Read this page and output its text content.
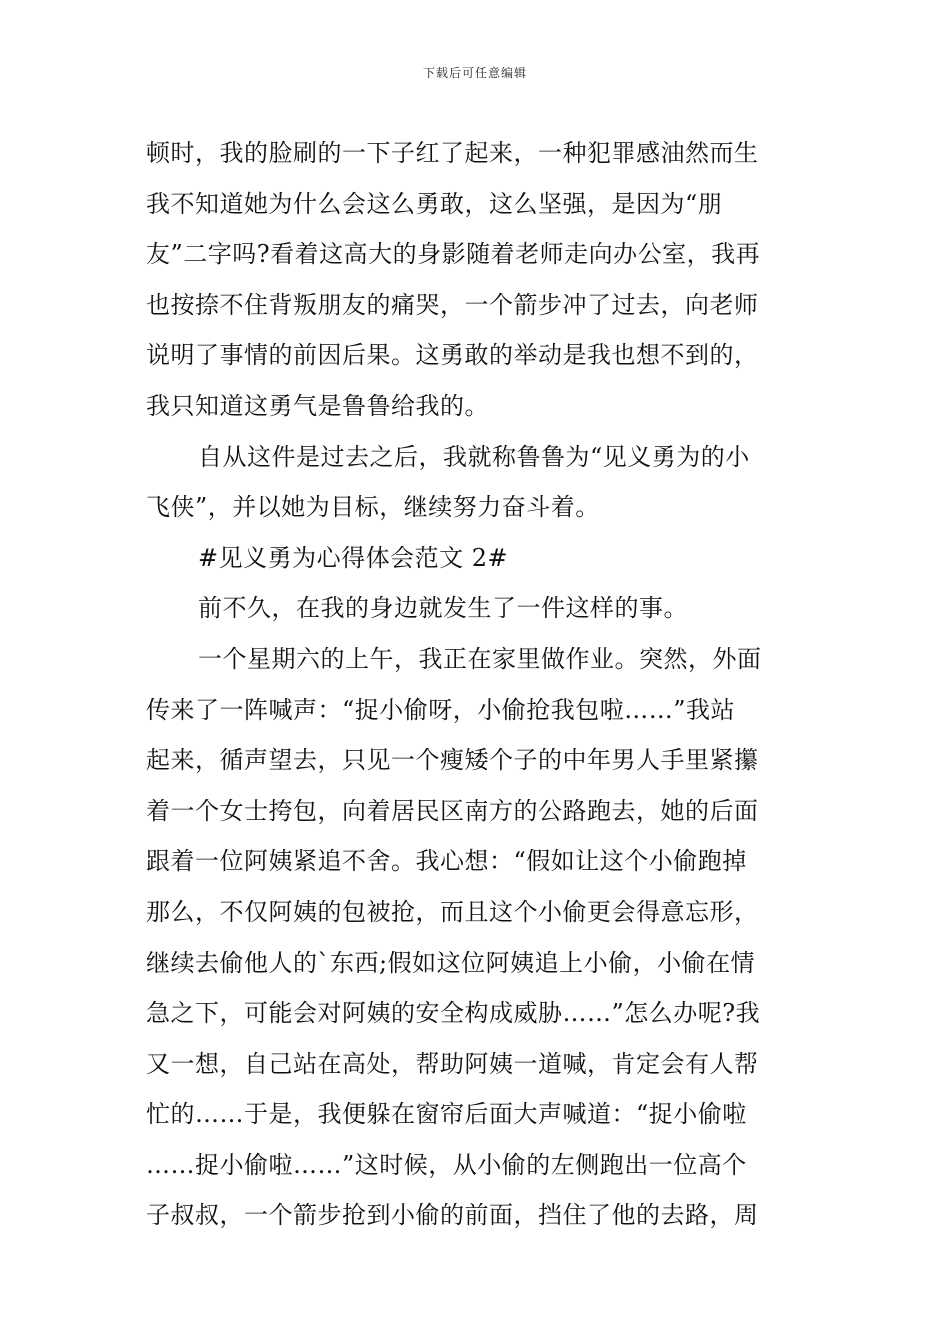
下载后可任意编辑
顿时，我的脸刷的一下子红了起来，一种犯罪感油然而生
我不知道她为什么会这么勇敢，这么坚强，是因为“朋
友”二字吗?看着这高大的身影随着老师走向办公室，我再
也按捺不住背叛朋友的痛哭，一个箭步冲了过去，向老师
说明了事情的前因后果。这勇敢的举动是我也想不到的，
我只知道这勇气是鲁鲁给我的。
自从这件是过去之后，我就称鲁鲁为“见义勇为的小
飞侠”，并以她为目标，继续努力奋斗着。
#见义勇为心得体会范文 2#
前不久，在我的身边就发生了一件这样的事。
一个星期六的上午，我正在家里做作业。突然，外面
传来了一阵喊声：“捉小偷呀，小偷抢我包啦……”我站
起来，循声望去，只见一个瘦矮个子的中年男人手里紧攥
着一个女士挎包，向着居民区南方的公路跑去，她的后面
跟着一位阿姨紧追不舍。我心想：“假如让这个小偷跑掉
那么，不仅阿姨的包被抢，而且这个小偷更会得意忘形，
继续去偷他人的`东西;假如这位阿姨追上小偷，小偷在情
急之下，可能会对阿姨的安全构成威胁……”怎么办呢?我
又一想，自己站在高处，帮助阿姨一道喊，肯定会有人帮
忙的……于是，我便躲在窗帘后面大声喊道：“捉小偷啦
……捉小偷啦……”这时候，从小偷的左侧跑出一位高个
子叔叔，一个箭步抢到小偷的前面，挡住了他的去路，周
